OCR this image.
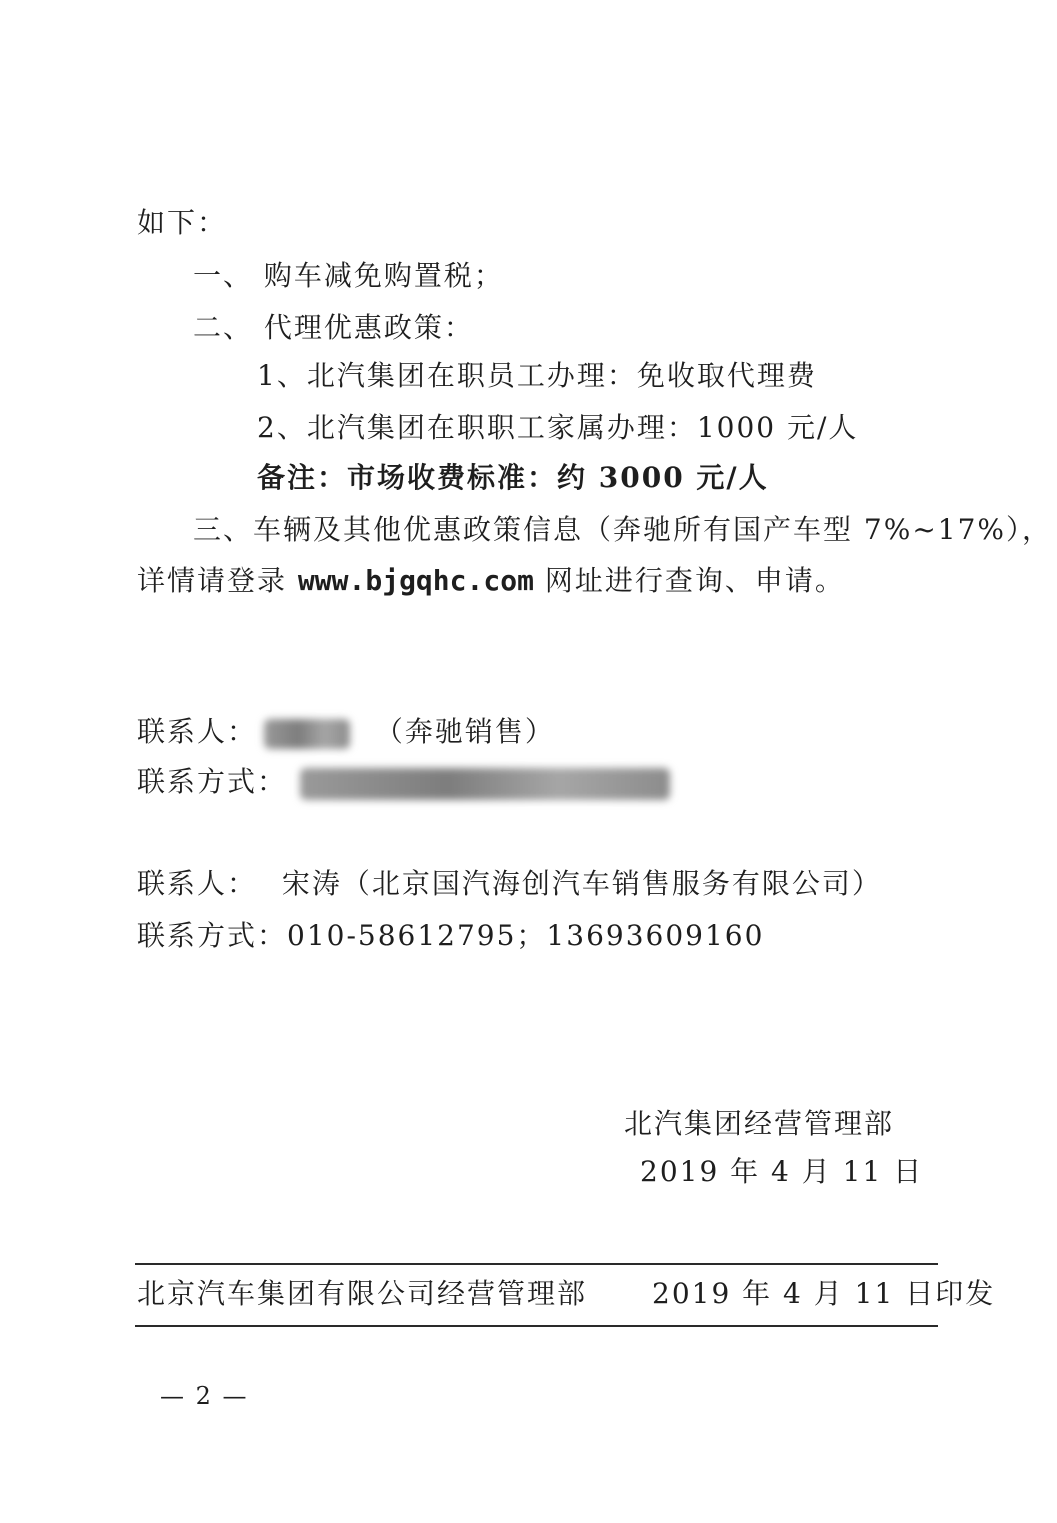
如下：
一、 购车减免购置税；
二、 代理优惠政策：
1、北汽集团在职员工办理：免收取代理费
2、北汽集团在职职工家属办理：1000 元/人
备注：市场收费标准：约 3000 元/人
三、车辆及其他优惠政策信息（奔驰所有国产车型 7%~17%），
详情请登录 www.bjgqhc.com 网址进行查询、申请。
联系人：	（奔驰销售）
联系方式：
联系人： 宋涛（北京国汽海创汽车销售服务有限公司）
联系方式：010-58612795；13693609160
北汽集团经营管理部
2019 年 4 月 11 日
北京汽车集团有限公司经营管理部 2019 年 4 月 11 日印发
— 2 —
